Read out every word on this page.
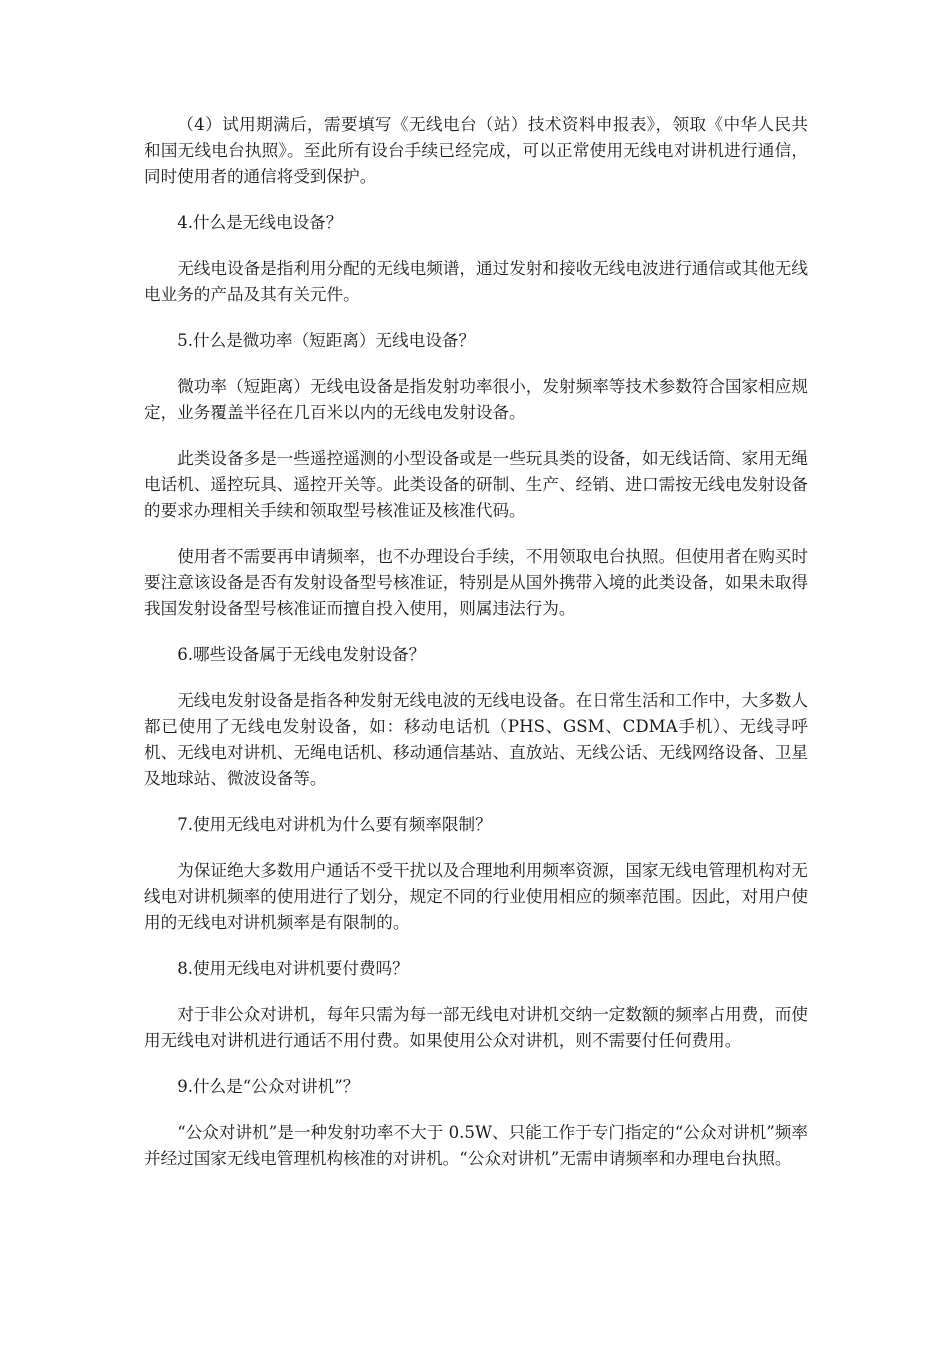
（4）试用期满后，需要填写《无线电台（站）技术资料申报表》，领取《中华人民共和国无线电台执照》。至此所有设台手续已经完成，可以正常使用无线电对讲机进行通信，同时使用者的通信将受到保护。

4.什么是无线电设备？

无线电设备是指利用分配的无线电频谱，通过发射和接收无线电波进行通信或其他无线电业务的产品及其有关元件。

5.什么是微功率（短距离）无线电设备？

微功率（短距离）无线电设备是指发射功率很小，发射频率等技术参数符合国家相应规定，业务覆盖半径在几百米以内的无线电发射设备。

此类设备多是一些遥控遥测的小型设备或是一些玩具类的设备，如无线话筒、家用无绳电话机、遥控玩具、遥控开关等。此类设备的研制、生产、经销、进口需按无线电发射设备的要求办理相关手续和领取型号核准证及核准代码。

使用者不需要再申请频率，也不办理设台手续，不用领取电台执照。但使用者在购买时要注意该设备是否有发射设备型号核准证，特别是从国外携带入境的此类设备，如果未取得我国发射设备型号核准证而擅自投入使用，则属违法行为。

6.哪些设备属于无线电发射设备？

无线电发射设备是指各种发射无线电波的无线电设备。在日常生活和工作中，大多数人都已使用了无线电发射设备，如：移动电话机（PHS、GSM、CDMA手机）、无线寻呼机、无线电对讲机、无绳电话机、移动通信基站、直放站、无线公话、无线网络设备、卫星及地球站、微波设备等。

7.使用无线电对讲机为什么要有频率限制？

为保证绝大多数用户通话不受干扰以及合理地利用频率资源，国家无线电管理机构对无线电对讲机频率的使用进行了划分，规定不同的行业使用相应的频率范围。因此，对用户使用的无线电对讲机频率是有限制的。

8.使用无线电对讲机要付费吗？

对于非公众对讲机，每年只需为每一部无线电对讲机交纳一定数额的频率占用费，而使用无线电对讲机进行通话不用付费。如果使用公众对讲机，则不需要付任何费用。

9.什么是“公众对讲机”？

“公众对讲机”是一种发射功率不大于 0.5W、只能工作于专门指定的“公众对讲机”频率并经过国家无线电管理机构核准的对讲机。“公众对讲机”无需申请频率和办理电台执照。
